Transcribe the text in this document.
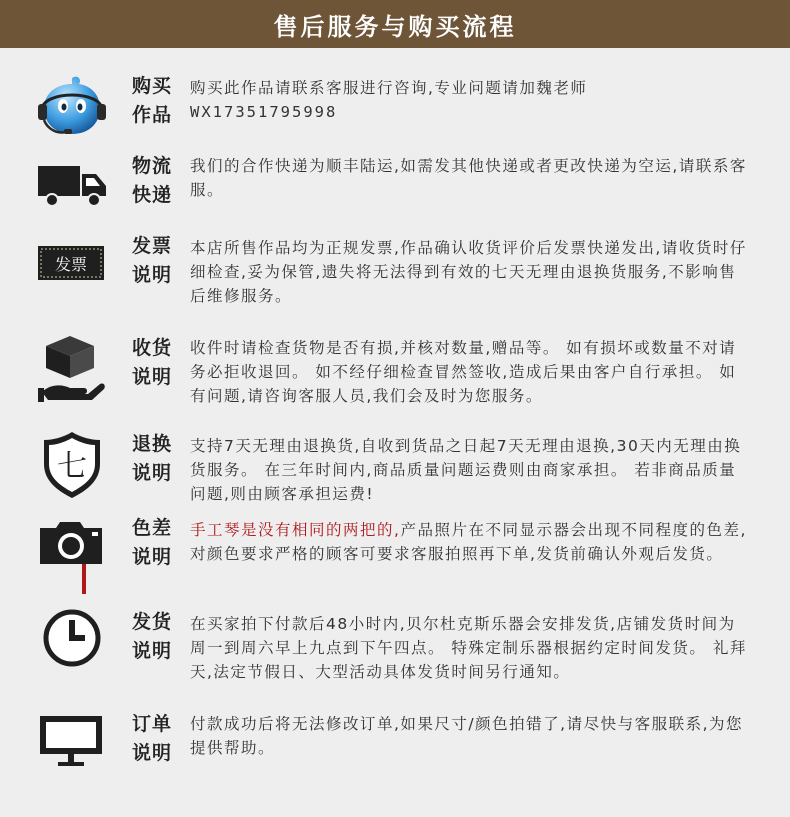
售后服务与购买流程
购买
作品
购买此作品请联系客服进行咨询,专业问题请加魏老师
WX17351795998
物流
快递
我们的合作快递为顺丰陆运,如需发其他快递或者更改快递为空运,请联系客服。
发票
发票
说明
本店所售作品均为正规发票,作品确认收货评价后发票快递发出,请收货时仔细检查,妥为保管,遗失将无法得到有效的七天无理由退换货服务,不影响售后维修服务。
收货
说明
收件时请检查货物是否有损,并核对数量,赠品等。 如有损坏或数量不对请务必拒收退回。 如不经仔细检查冒然签收,造成后果由客户自行承担。 如有问题,请咨询客服人员,我们会及时为您服务。
七
退换
说明
支持7天无理由退换货,自收到货品之日起7天无理由退换,30天内无理由换货服务。 在三年时间内,商品质量问题运费则由商家承担。 若非商品质量问题,则由顾客承担运费!
色差
说明
手工琴是没有相同的两把的,产品照片在不同显示器会出现不同程度的色差,对颜色要求严格的顾客可要求客服拍照再下单,发货前确认外观后发货。
发货
说明
在买家拍下付款后48小时内,贝尔杜克斯乐器会安排发货,店铺发货时间为周一到周六早上九点到下午四点。 特殊定制乐器根据约定时间发货。 礼拜天,法定节假日、大型活动具体发货时间另行通知。
订单
说明
付款成功后将无法修改订单,如果尺寸/颜色拍错了,请尽快与客服联系,为您提供帮助。
